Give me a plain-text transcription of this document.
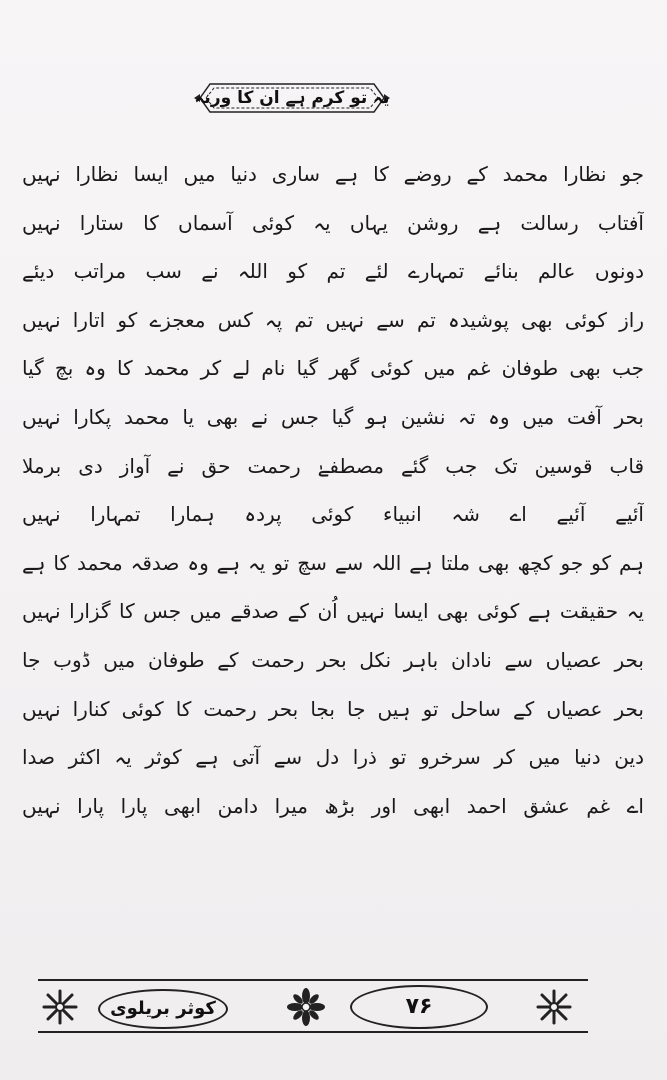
یہ تو کرم ہے ان کا ورنہ
جو نظارا محمد کے روضے کا ہے ساری دنیا میں ایسا نظارا نہیں
آفتاب رسالت ہے روشن یہاں یہ کوئی آسماں کا ستارا نہیں
دونوں عالم بنائے تمہارے لئے تم کو اللہ نے سب مراتب دیئے
راز کوئی بھی پوشیدہ تم سے نہیں تم پہ کس معجزے کو اتارا نہیں
جب بھی طوفان غم میں کوئی گھر گیا نام لے کر محمد کا وہ بچ گیا
بحر آفت میں وہ تہ نشین ہو گیا جس نے بھی یا محمد پکارا نہیں
قاب قوسین تک جب گئے مصطفےٰ رحمت حق نے آواز دی برملا
آئیے آئیے اے شہ انبیاء کوئی پردہ ہمارا تمہارا نہیں
ہم کو جو کچھ بھی ملتا ہے اللہ سے سچ تو یہ ہے وہ صدقہ محمد کا ہے
یہ حقیقت ہے کوئی بھی ایسا نہیں اُن کے صدقے میں جس کا گزارا نہیں
بحر عصیاں سے نادان باہر نکل بحر رحمت کے طوفان میں ڈوب جا
بحر عصیاں کے ساحل تو ہیں جا بجا بحر رحمت کا کوئی کنارا نہیں
دین دنیا میں کر سرخرو تو ذرا دل سے آتی ہے کوثر یہ اکثر صدا
اے غم عشق احمد ابھی اور بڑھ میرا دامن ابھی پارا پارا نہیں
کوثر بریلوی	۷۶
